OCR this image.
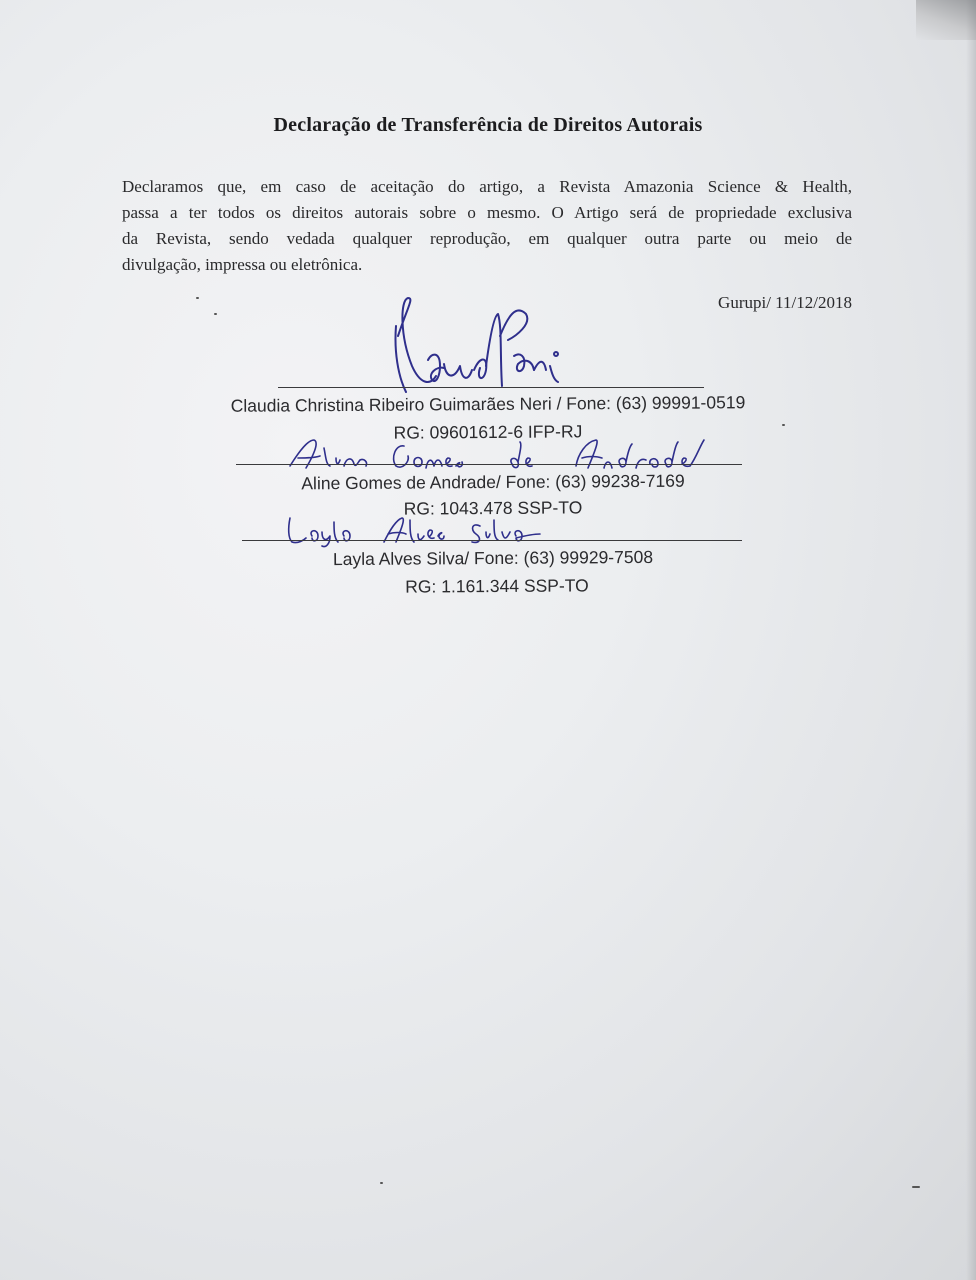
Declaração de Transferência de Direitos Autorais
Declaramos que, em caso de aceitação do artigo, a Revista Amazonia Science & Health,
passa a ter todos os direitos autorais sobre o mesmo. O Artigo será de propriedade exclusiva
da Revista, sendo vedada qualquer reprodução, em qualquer outra parte ou meio de
divulgação, impressa ou eletrônica.
Gurupi/ 11/12/2018
Claudia Christina Ribeiro Guimarães Neri / Fone: (63) 99991-0519
RG: 09601612-6 IFP-RJ
Aline Gomes de Andrade/ Fone: (63) 99238-7169
RG: 1043.478 SSP-TO
Layla Alves Silva/ Fone: (63) 99929-7508
RG: 1.161.344 SSP-TO
